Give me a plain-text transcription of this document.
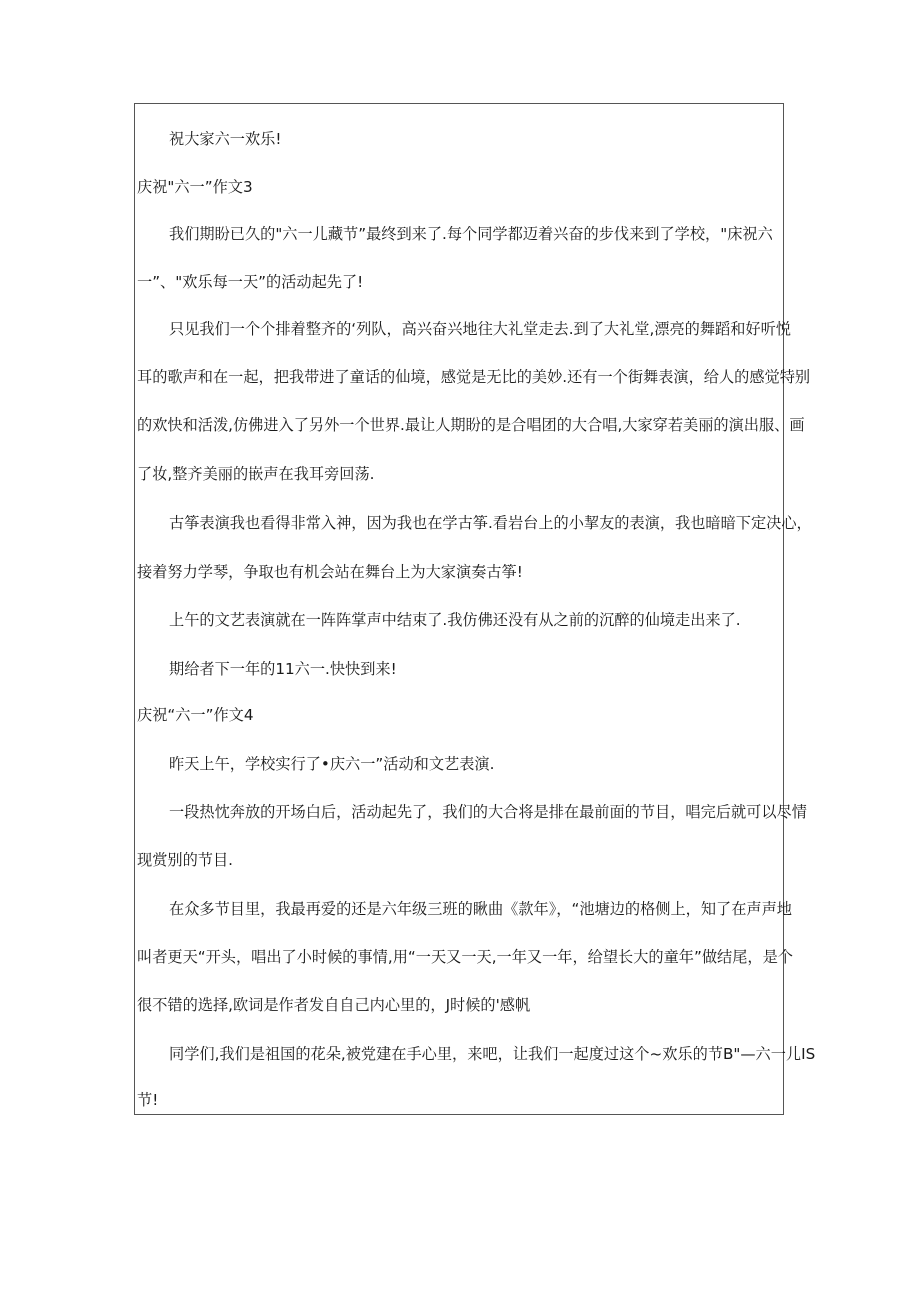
祝大家六一欢乐!
庆祝"六一”作文3
我们期盼已久的"六一儿藏节”最终到来了.每个同学都迈着兴奋的步伐来到了学校，"床祝六
一”、"欢乐每一天”的活动起先了!
只见我们一个个排着整齐的‘列队，高兴奋兴地往大礼堂走去.到了大礼堂,漂亮的舞蹈和好听悦
耳的歌声和在一起，把我带进了童话的仙境，感觉是无比的美妙.还有一个街舞表演，给人的感觉特别
的欢快和活泼,仿佛进入了另外一个世界.最让人期盼的是合唱团的大合唱,大家穿若美丽的演出服、画
了妆,整齐美丽的嵌声在我耳旁回荡.
古筝表演我也看得非常入神，因为我也在学古筝.看岩台上的小挈友的表演，我也暗暗下定决心，
接着努力学琴，争取也有机会站在舞台上为大家演奏古筝!
上午的文艺表演就在一阵阵掌声中结束了.我仿佛还没有从之前的沉醉的仙境走出来了.
期给者下一年的11六一.快快到来!
庆祝“六一”作文4
昨天上午，学校实行了•庆六一”活动和文艺表演.
一段热忱奔放的开场白后，活动起先了，我们的大合将是排在最前面的节目，唱完后就可以尽情
现赏别的节目.
在众多节目里，我最再爱的还是六年级三班的瞅曲《款年》，“池塘边的格侧上，知了在声声地
叫者更天“开头，唱出了小时候的事情,用“一天又一天,一年又一年，给望长大的童年”做结尾，是个
很不错的选择,欧词是作者发自自己内心里的，J时候的'感帆
同学们,我们是祖国的花朵,被党建在手心里，来吧，让我们一起度过这个~欢乐的节B"—六一儿IS
节!
